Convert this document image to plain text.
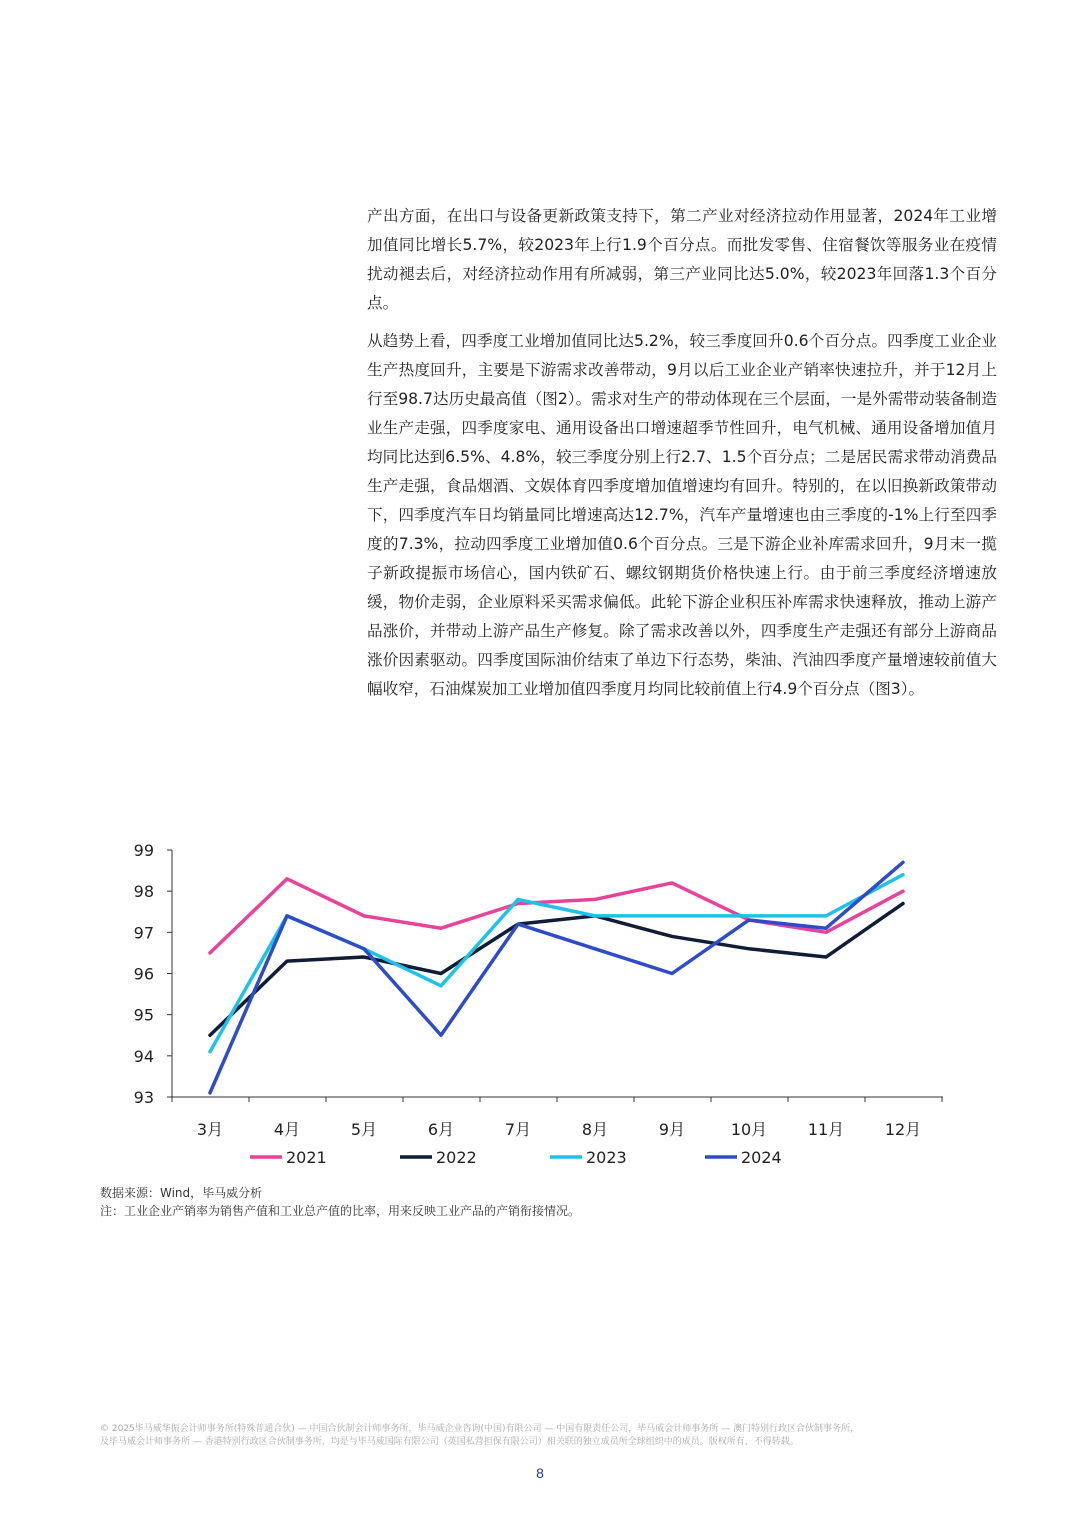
产出方面，在出口与设备更新政策支持下，第二产业对经济拉动作用显著，2024年工业增加值同比增长5.7%，较2023年上行1.9个百分点。而批发零售、住宿餐饮等服务业在疫情扰动褪去后，对经济拉动作用有所减弱，第三产业同比达5.0%，较2023年回落1.3个百分点。

从趋势上看，四季度工业增加值同比达5.2%，较三季度回升0.6个百分点。四季度工业企业生产热度回升，主要是下游需求改善带动，9月以后工业企业产销率快速拉升，并于12月上行至98.7达历史最高值（图2）。需求对生产的带动体现在三个层面，一是外需带动装备制造业生产走强，四季度家电、通用设备出口增速超季节性回升，电气机械、通用设备增加值月均同比达到6.5%、4.8%，较三季度分别上行2.7、1.5个百分点；二是居民需求带动消费品生产走强，食品烟酒、文娱体育四季度增加值增速均有回升。特别的，在以旧换新政策带动下，四季度汽车日均销量同比增速高达12.7%，汽车产量增速也由三季度的-1%上行至四季度的7.3%，拉动四季度工业增加值0.6个百分点。三是下游企业补库需求回升，9月末一揽子新政提振市场信心，国内铁矿石、螺纹钢期货价格快速上行。由于前三季度经济增速放缓，物价走弱，企业原料采买需求偏低。此轮下游企业积压补库需求快速释放，推动上游产品涨价，并带动上游产品生产修复。除了需求改善以外，四季度生产走强还有部分上游商品涨价因素驱动。四季度国际油价结束了单边下行态势，柴油、汽油四季度产量增速较前值大幅收窄，石油煤炭加工业增加值四季度月均同比较前值上行4.9个百分点（图3）。

93
94
95
96
97
98
99
3月	4月	5月	6月	7月	8月	9月	10月	11月	12月
2021	2022	2023	2024
数据来源：Wind，毕马威分析
注：工业企业产销率为销售产值和工业总产值的比率，用来反映工业产品的产销衔接情况。
© 2025毕马威华振会计师事务所(特殊普通合伙) — 中国合伙制会计师事务所，毕马威企业咨询(中国)有限公司 — 中国有限责任公司，毕马威会计师事务所 — 澳门特别行政区合伙制事务所，
及毕马威会计师事务所 — 香港特别行政区合伙制事务所，均是与毕马威国际有限公司（英国私营担保有限公司）相关联的独立成员所全球组织中的成员。版权所有，不得转载。
8
